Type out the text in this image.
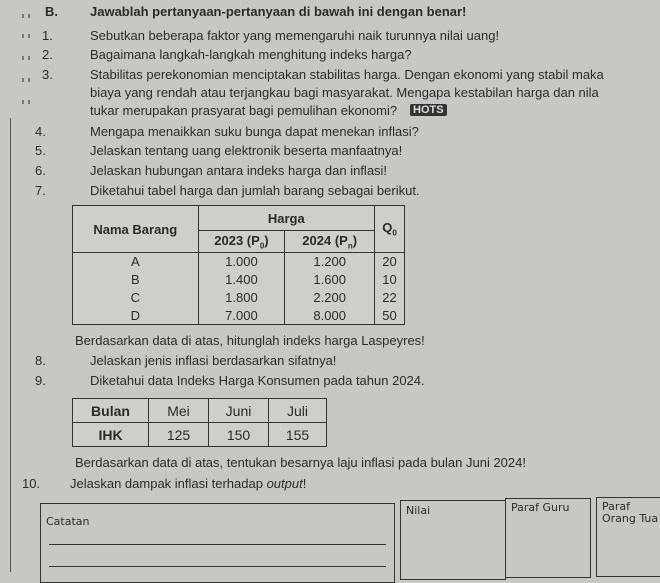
B. Jawablah pertanyaan-pertanyaan di bawah ini dengan benar!
1.	Sebutkan beberapa faktor yang memengaruhi naik turunnya nilai uang!
2.	Bagaimana langkah-langkah menghitung indeks harga?
3.	Stabilitas perekonomian menciptakan stabilitas harga. Dengan ekonomi yang stabil maka
biaya yang rendah atau terjangkau bagi masyarakat. Mengapa kestabilan harga dan nila
tukar merupakan prasyarat bagi pemulihan ekonomi? HOTS
4.	Mengapa menaikkan suku bunga dapat menekan inflasi?
5.	Jelaskan tentang uang elektronik beserta manfaatnya!
6.	Jelaskan hubungan antara indeks harga dan inflasi!
7.	Diketahui tabel harga dan jumlah barang sebagai berikut.
Nama Barang	Harga		$Q_0$
	2023 $(P_0)$	2024 $(P_n)$	
A	1.000	1.200	20
B	1.400	1.600	10
C	1.800	2.200	22
D	7.000	8.000	50
Berdasarkan data di atas, hitunglah indeks harga Laspeyres!
8.	Jelaskan jenis inflasi berdasarkan sifatnya!
9.	Diketahui data Indeks Harga Konsumen pada tahun 2024.
Bulan	Mei	Juni	Juli
IHK	125	150	155
Berdasarkan data di atas, tentukan besarnya laju inflasi pada bulan Juni 2024!
10. Jelaskan dampak inflasi terhadap output!
Catatan
Nilai	Paraf Guru	Paraf Orang Tua
